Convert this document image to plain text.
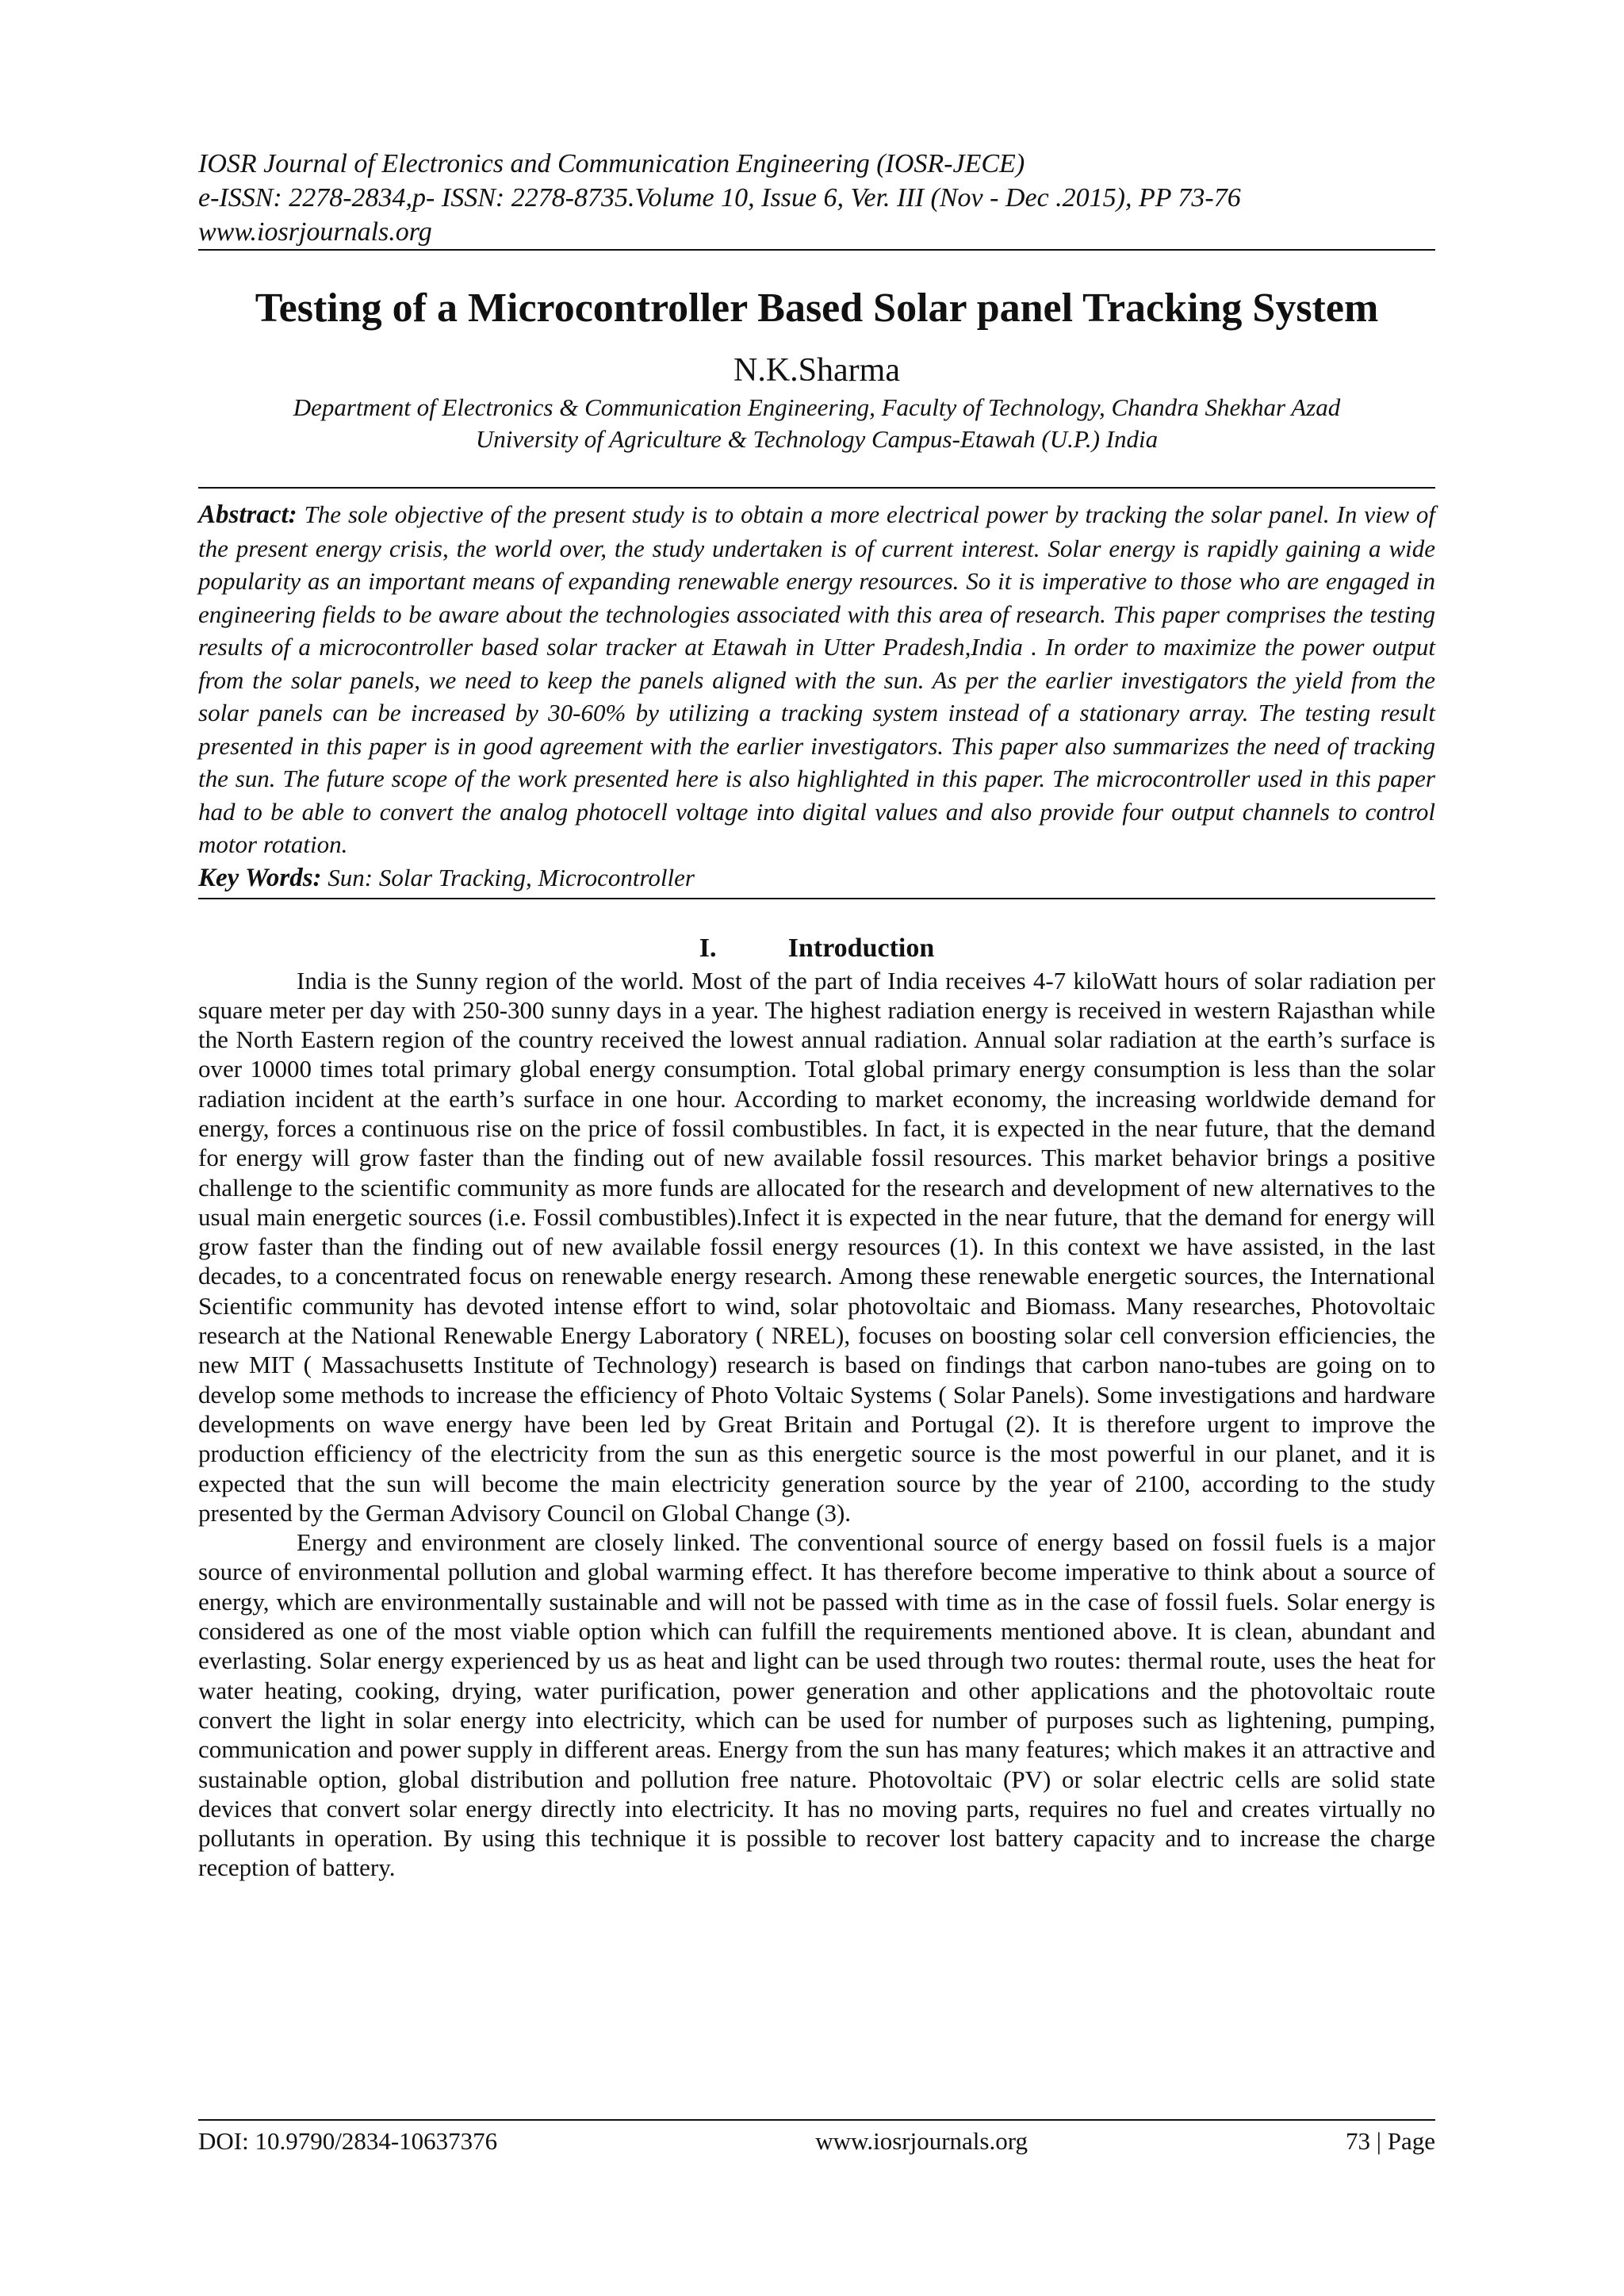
IOSR Journal of Electronics and Communication Engineering (IOSR-JECE)
e-ISSN: 2278-2834,p- ISSN: 2278-8735.Volume 10, Issue 6, Ver. III (Nov - Dec .2015), PP 73-76
www.iosrjournals.org
Testing of a Microcontroller Based Solar panel Tracking System
N.K.Sharma
Department of Electronics & Communication Engineering, Faculty of Technology, Chandra Shekhar Azad
University of Agriculture & Technology Campus-Etawah (U.P.) India
Abstract: The sole objective of the present study is to obtain a more electrical power by tracking the solar panel. In view of the present energy crisis, the world over, the study undertaken is of current interest. Solar energy is rapidly gaining a wide popularity as an important means of expanding renewable energy resources. So it is imperative to those who are engaged in engineering fields to be aware about the technologies associated with this area of research. This paper comprises the testing results of a microcontroller based solar tracker at Etawah in Utter Pradesh,India . In order to maximize the power output from the solar panels, we need to keep the panels aligned with the sun. As per the earlier investigators the yield from the solar panels can be increased by 30-60% by utilizing a tracking system instead of a stationary array. The testing result presented in this paper is in good agreement with the earlier investigators. This paper also summarizes the need of tracking the sun. The future scope of the work presented here is also highlighted in this paper. The microcontroller used in this paper had to be able to convert the analog photocell voltage into digital values and also provide four output channels to control motor rotation.
Key Words: Sun: Solar Tracking, Microcontroller
I.	Introduction

India is the Sunny region of the world. Most of the part of India receives 4-7 kiloWatt hours of solar radiation per square meter per day with 250-300 sunny days in a year. The highest radiation energy is received in western Rajasthan while the North Eastern region of the country received the lowest annual radiation. Annual solar radiation at the earth’s surface is over 10000 times total primary global energy consumption. Total global primary energy consumption is less than the solar radiation incident at the earth’s surface in one hour. According to market economy, the increasing worldwide demand for energy, forces a continuous rise on the price of fossil combustibles. In fact, it is expected in the near future, that the demand for energy will grow faster than the finding out of new available fossil resources. This market behavior brings a positive challenge to the scientific community as more funds are allocated for the research and development of new alternatives to the usual main energetic sources (i.e. Fossil combustibles).Infect it is expected in the near future, that the demand for energy will grow faster than the finding out of new available fossil energy resources (1). In this context we have assisted, in the last decades, to a concentrated focus on renewable energy research. Among these renewable energetic sources, the International Scientific community has devoted intense effort to wind, solar photovoltaic and Biomass. Many researches, Photovoltaic research at the National Renewable Energy Laboratory ( NREL), focuses on boosting solar cell conversion efficiencies, the new MIT ( Massachusetts Institute of Technology) research is based on findings that carbon nano-tubes are going on to develop some methods to increase the efficiency of Photo Voltaic Systems ( Solar Panels). Some investigations and hardware developments on wave energy have been led by Great Britain and Portugal (2). It is therefore urgent to improve the production efficiency of the electricity from the sun as this energetic source is the most powerful in our planet, and it is expected that the sun will become the main electricity generation source by the year of 2100, according to the study presented by the German Advisory Council on Global Change (3).

Energy and environment are closely linked. The conventional source of energy based on fossil fuels is a major source of environmental pollution and global warming effect. It has therefore become imperative to think about a source of energy, which are environmentally sustainable and will not be passed with time as in the case of fossil fuels. Solar energy is considered as one of the most viable option which can fulfill the requirements mentioned above. It is clean, abundant and everlasting. Solar energy experienced by us as heat and light can be used through two routes: thermal route, uses the heat for water heating, cooking, drying, water purification, power generation and other applications and the photovoltaic route convert the light in solar energy into electricity, which can be used for number of purposes such as lightening, pumping, communication and power supply in different areas. Energy from the sun has many features; which makes it an attractive and sustainable option, global distribution and pollution free nature. Photovoltaic (PV) or solar electric cells are solid state devices that convert solar energy directly into electricity. It has no moving parts, requires no fuel and creates virtually no pollutants in operation. By using this technique it is possible to recover lost battery capacity and to increase the charge reception of battery.

DOI: 10.9790/2834-10637376	www.iosrjournals.org	73 | Page
